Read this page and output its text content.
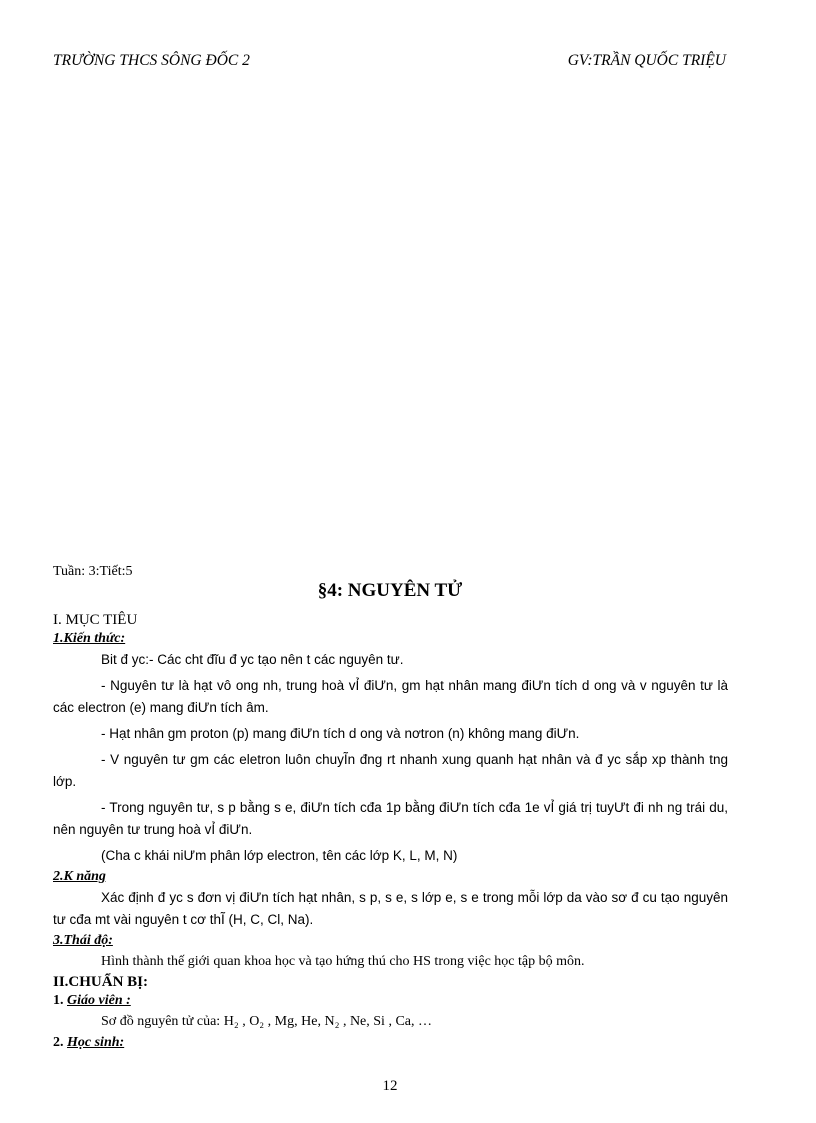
TRƯỜNG THCS SÔNG ĐỐC 2	GV:TRẦN QUỐC TRIỆU
Tuần: 3:Tiết:5
§4: NGUYÊN TỬ

I. MỤC TIÊU

1.Kiến thức:

Bit đ yc:- Các cht đĩu đ yc tạo nên t các nguyên tư.

- Nguyên tư là hạt vô ong nh, trung hoà vỈ điƯn, gm hạt nhân mang điƯn tích d ong và v nguyên tư là các electron (e) mang điƯn tích âm.

- Hạt nhân gm proton (p) mang điƯn tích d ong và nơtron (n) không mang điƯn.

- V nguyên tư gm các eletron luôn chuyĨn đng rt nhanh xung quanh hạt nhân và đ yc sắp xp thành tng lớp.

- Trong nguyên tư, s p bằng s e, điƯn tích cđa 1p bằng điƯn tích cđa 1e vỈ giá trị tuyƯt đi nh ng trái du, nên nguyên tư trung hoà vỈ điƯn.

(Cha c khái niƯm phân lớp electron, tên các lớp K, L, M, N)

2.K năng

Xác định đ yc s đơn vị điƯn tích hạt nhân, s p, s e, s lớp e, s e trong mỗi lớp da vào sơ đ cu tạo nguyên tư cđa mt vài nguyên t cơ thĨ (H, C, Cl, Na).

3.Thái độ:

Hình thành thế giới quan khoa học và tạo hứng thú cho HS trong việc học tập bộ môn.

II.CHUẨN BỊ:

1. Giáo viên :

Sơ đồ nguyên tử của: H₂ , O₂ , Mg, He, N₂ , Ne, Si , Ca, …

2. Học sinh:

12
